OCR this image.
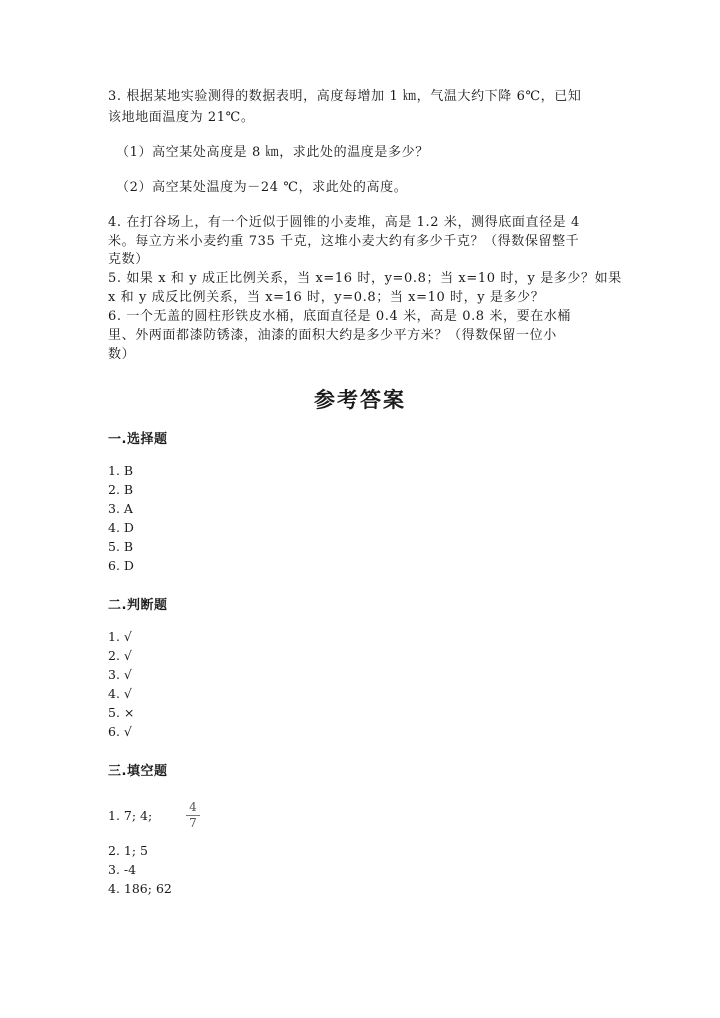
3. 根据某地实验测得的数据表明，高度每增加 1 ㎞，气温大约下降 6℃，已知
该地地面温度为 21℃。
（1）高空某处高度是 8 ㎞，求此处的温度是多少？
（2）高空某处温度为－24 ℃，求此处的高度。
4. 在打谷场上，有一个近似于圆锥的小麦堆，高是 1.2 米，测得底面直径是 4
米。每立方米小麦约重 735 千克，这堆小麦大约有多少千克？（得数保留整千
克数）
5. 如果 x 和 y 成正比例关系，当 x=16 时，y=0.8；当 x=10 时，y 是多少？如果
x 和 y 成反比例关系，当 x=16 时，y=0.8；当 x=10 时，y 是多少？
6. 一个无盖的圆柱形铁皮水桶，底面直径是 0.4 米，高是 0.8 米，要在水桶
里、外两面都漆防锈漆，油漆的面积大约是多少平方米？（得数保留一位小
数）
参考答案
一.选择题
1. B
2. B
3. A
4. D
5. B
6. D
二.判断题
1. √
2. √
3. √
4. √
5. ×
6. √
三.填空题
1. 7; 4;
4
7
2. 1; 5
3. -4
4. 186; 62
